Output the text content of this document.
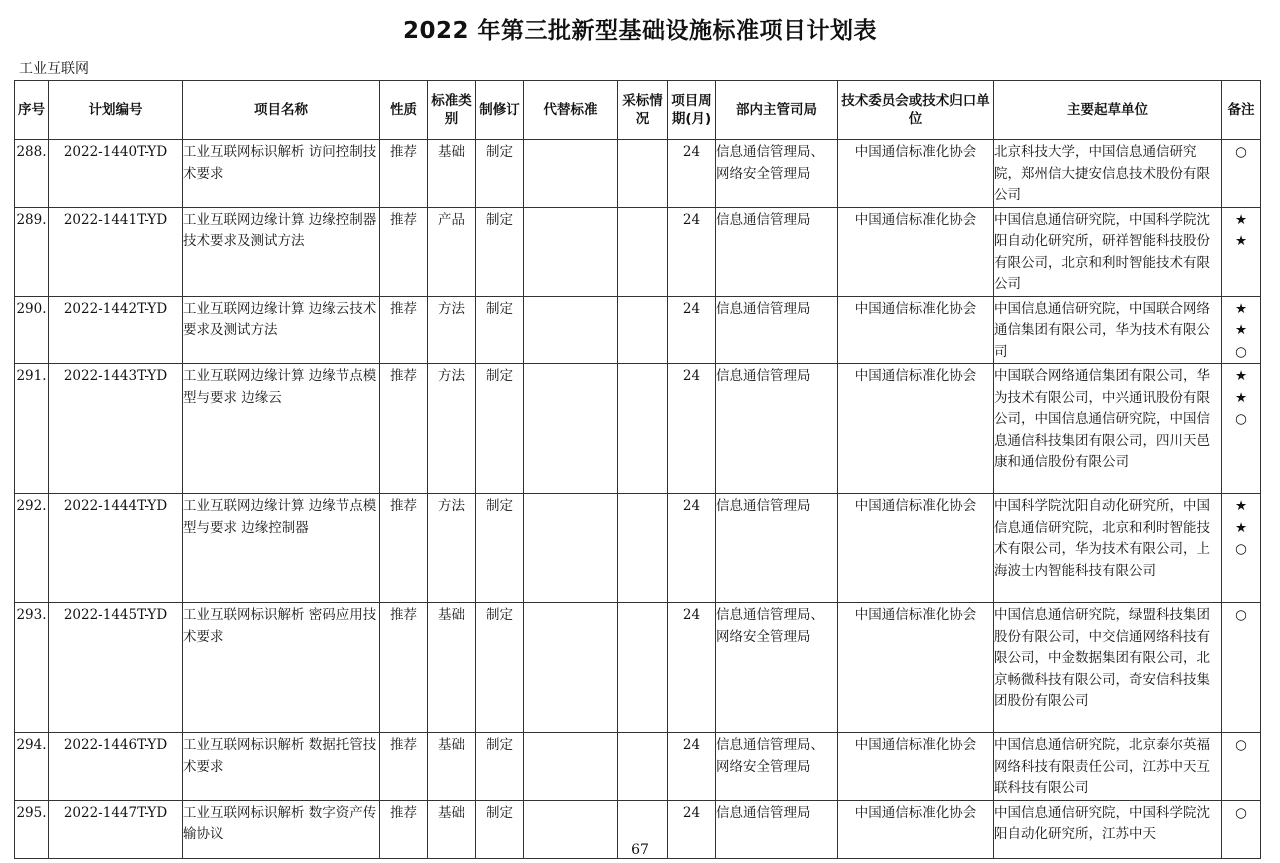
2022 年第三批新型基础设施标准项目计划表
工业互联网
序号	计划编号	项目名称	性质	标准类别	制修订	代替标准	采标情况	项目周期(月)	部内主管司局	技术委员会或技术归口单位	主要起草单位	备注
288.	2022-1440T-YD	工业互联网标识解析 访问控制技术要求	推荐	基础	制定			24	信息通信管理局、网络安全管理局	中国通信标准化协会	北京科技大学，中国信息通信研究院，郑州信大捷安信息技术股份有限公司	○

289.	2022-1441T-YD	工业互联网边缘计算 边缘控制器技术要求及测试方法	推荐	产品	制定			24	信息通信管理局	中国通信标准化协会	中国信息通信研究院，中国科学院沈阳自动化研究所，研祥智能科技股份有限公司，北京和利时智能技术有限公司	★
★

290.	2022-1442T-YD	工业互联网边缘计算 边缘云技术要求及测试方法	推荐	方法	制定			24	信息通信管理局	中国通信标准化协会	中国信息通信研究院，中国联合网络通信集团有限公司，华为技术有限公司	★
★
○

291.	2022-1443T-YD	工业互联网边缘计算 边缘节点模型与要求 边缘云	推荐	方法	制定			24	信息通信管理局	中国通信标准化协会	中国联合网络通信集团有限公司，华为技术有限公司，中兴通讯股份有限公司，中国信息通信研究院，中国信息通信科技集团有限公司，四川天邑康和通信股份有限公司	★
★
○

292.	2022-1444T-YD	工业互联网边缘计算 边缘节点模型与要求 边缘控制器	推荐	方法	制定			24	信息通信管理局	中国通信标准化协会	中国科学院沈阳自动化研究所，中国信息通信研究院，北京和利时智能技术有限公司，华为技术有限公司，上海波士内智能科技有限公司	★
★
○

293.	2022-1445T-YD	工业互联网标识解析 密码应用技术要求	推荐	基础	制定			24	信息通信管理局、网络安全管理局	中国通信标准化协会	中国信息通信研究院，绿盟科技集团股份有限公司，中交信通网络科技有限公司，中金数据集团有限公司，北京畅微科技有限公司，奇安信科技集团股份有限公司	○

294.	2022-1446T-YD	工业互联网标识解析 数据托管技术要求	推荐	基础	制定			24	信息通信管理局、网络安全管理局	中国通信标准化协会	中国信息通信研究院，北京泰尔英福网络科技有限责任公司，江苏中天互联科技有限公司	○

295.	2022-1447T-YD	工业互联网标识解析 数字资产传输协议	推荐	基础	制定			24	信息通信管理局	中国通信标准化协会	中国信息通信研究院，中国科学院沈阳自动化研究所，江苏中天	○
67
